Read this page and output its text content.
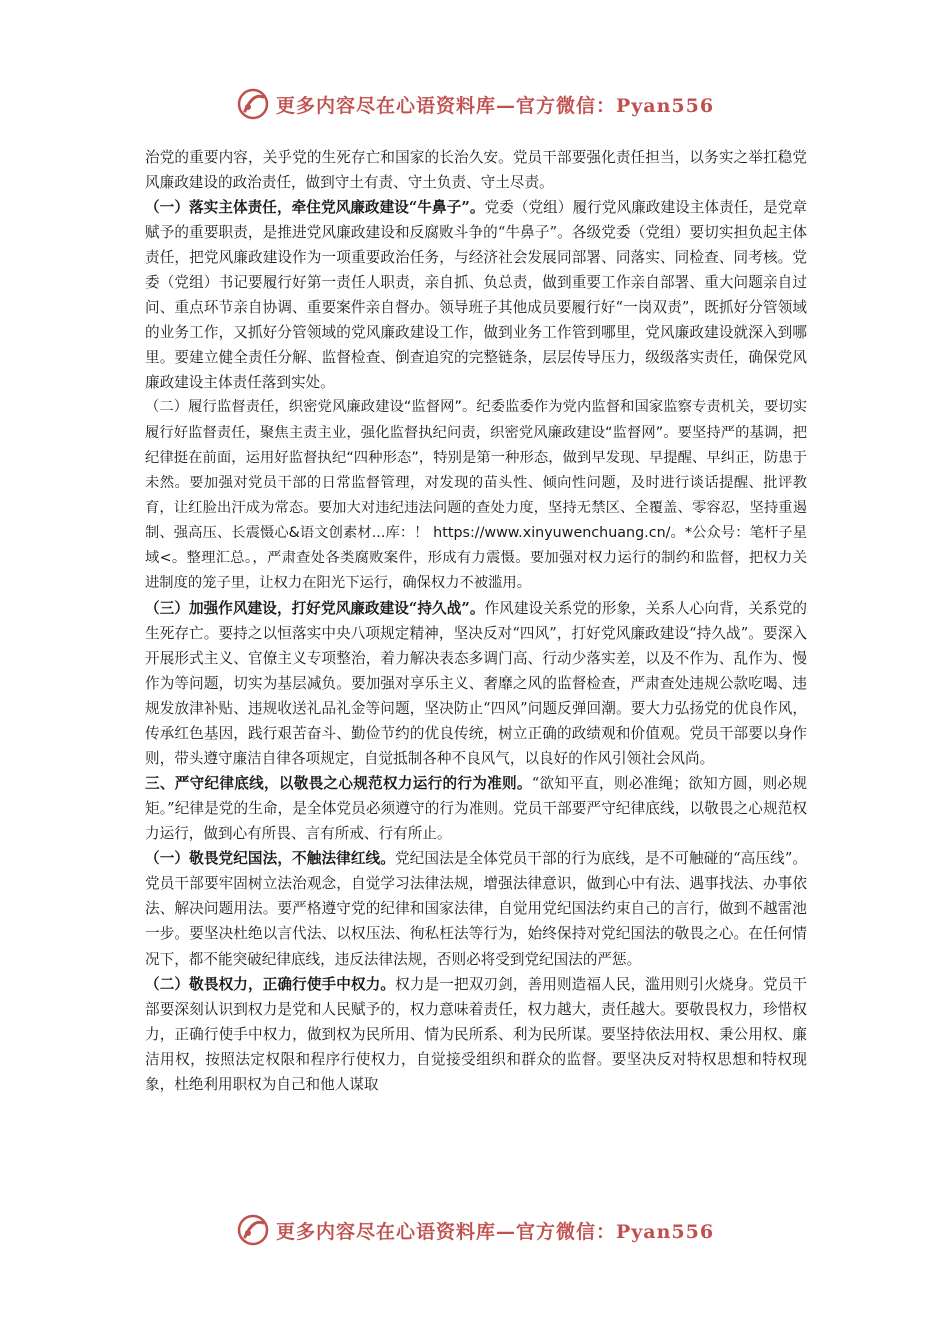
更多内容尽在心语资料库—官方微信：Pyan556

治党的重要内容，关乎党的生死存亡和国家的长治久安。党员干部要强化责任担当，以务实之举扛稳党风廉政建设的政治责任，做到守土有责、守土负责、守土尽责。

（一）落实主体责任，牵住党风廉政建设“牛鼻子”。党委（党组）履行党风廉政建设主体责任，是党章赋予的重要职责，是推进党风廉政建设和反腐败斗争的“牛鼻子”。各级党委（党组）要切实担负起主体责任，把党风廉政建设作为一项重要政治任务，与经济社会发展同部署、同落实、同检查、同考核。党委（党组）书记要履行好第一责任人职责，亲自抓、负总责，做到重要工作亲自部署、重大问题亲自过问、重点环节亲自协调、重要案件亲自督办。领导班子其他成员要履行好“一岗双责”，既抓好分管领域的业务工作，又抓好分管领域的党风廉政建设工作，做到业务工作管到哪里，党风廉政建设就深入到哪里。要建立健全责任分解、监督检查、倒查追究的完整链条，层层传导压力，级级落实责任，确保党风廉政建设主体责任落到实处。

（二）履行监督责任，织密党风廉政建设“监督网”。纪委监委作为党内监督和国家监察专责机关，要切实履行好监督责任，聚焦主责主业，强化监督执纪问责，织密党风廉政建设“监督网”。要坚持严的基调，把纪律挺在前面，运用好监督执纪“四种形态”，特别是第一种形态，做到早发现、早提醒、早纠正，防患于未然。要加强对党员干部的日常监督管理，对发现的苗头性、倾向性问题，及时进行谈话提醒、批评教育，让红脸出汗成为常态。要加大对违纪违法问题的查处力度，坚持无禁区、全覆盖、零容忍，坚持重遏制、强高压、长震慑心&语文创素材...库：！ https://www.xinyuwenchuang.cn/。*公众号：笔杆子星域<。整理汇总。，严肃查处各类腐败案件，形成有力震慑。要加强对权力运行的制约和监督，把权力关进制度的笼子里，让权力在阳光下运行，确保权力不被滥用。

（三）加强作风建设，打好党风廉政建设“持久战”。作风建设关系党的形象，关系人心向背，关系党的生死存亡。要持之以恒落实中央八项规定精神，坚决反对“四风”，打好党风廉政建设“持久战”。要深入开展形式主义、官僚主义专项整治，着力解决表态多调门高、行动少落实差，以及不作为、乱作为、慢作为等问题，切实为基层减负。要加强对享乐主义、奢靡之风的监督检查，严肃查处违规公款吃喝、违规发放津补贴、违规收送礼品礼金等问题，坚决防止“四风”问题反弹回潮。要大力弘扬党的优良作风，传承红色基因，践行艰苦奋斗、勤俭节约的优良传统，树立正确的政绩观和价值观。党员干部要以身作则，带头遵守廉洁自律各项规定，自觉抵制各种不良风气，以良好的作风引领社会风尚。

三、严守纪律底线，以敬畏之心规范权力运行的行为准则。“欲知平直，则必准绳；欲知方圆，则必规矩。”纪律是党的生命，是全体党员必须遵守的行为准则。党员干部要严守纪律底线，以敬畏之心规范权力运行，做到心有所畏、言有所戒、行有所止。

（一）敬畏党纪国法，不触法律红线。党纪国法是全体党员干部的行为底线，是不可触碰的“高压线”。党员干部要牢固树立法治观念，自觉学习法律法规，增强法律意识，做到心中有法、遇事找法、办事依法、解决问题用法。要严格遵守党的纪律和国家法律，自觉用党纪国法约束自己的言行，做到不越雷池一步。要坚决杜绝以言代法、以权压法、徇私枉法等行为，始终保持对党纪国法的敬畏之心。在任何情况下，都不能突破纪律底线，违反法律法规，否则必将受到党纪国法的严惩。

（二）敬畏权力，正确行使手中权力。权力是一把双刃剑，善用则造福人民，滥用则引火烧身。党员干部要深刻认识到权力是党和人民赋予的，权力意味着责任，权力越大，责任越大。要敬畏权力，珍惜权力，正确行使手中权力，做到权为民所用、情为民所系、利为民所谋。要坚持依法用权、秉公用权、廉洁用权，按照法定权限和程序行使权力，自觉接受组织和群众的监督。要坚决反对特权思想和特权现象，杜绝利用职权为自己和他人谋取

更多内容尽在心语资料库—官方微信：Pyan556
